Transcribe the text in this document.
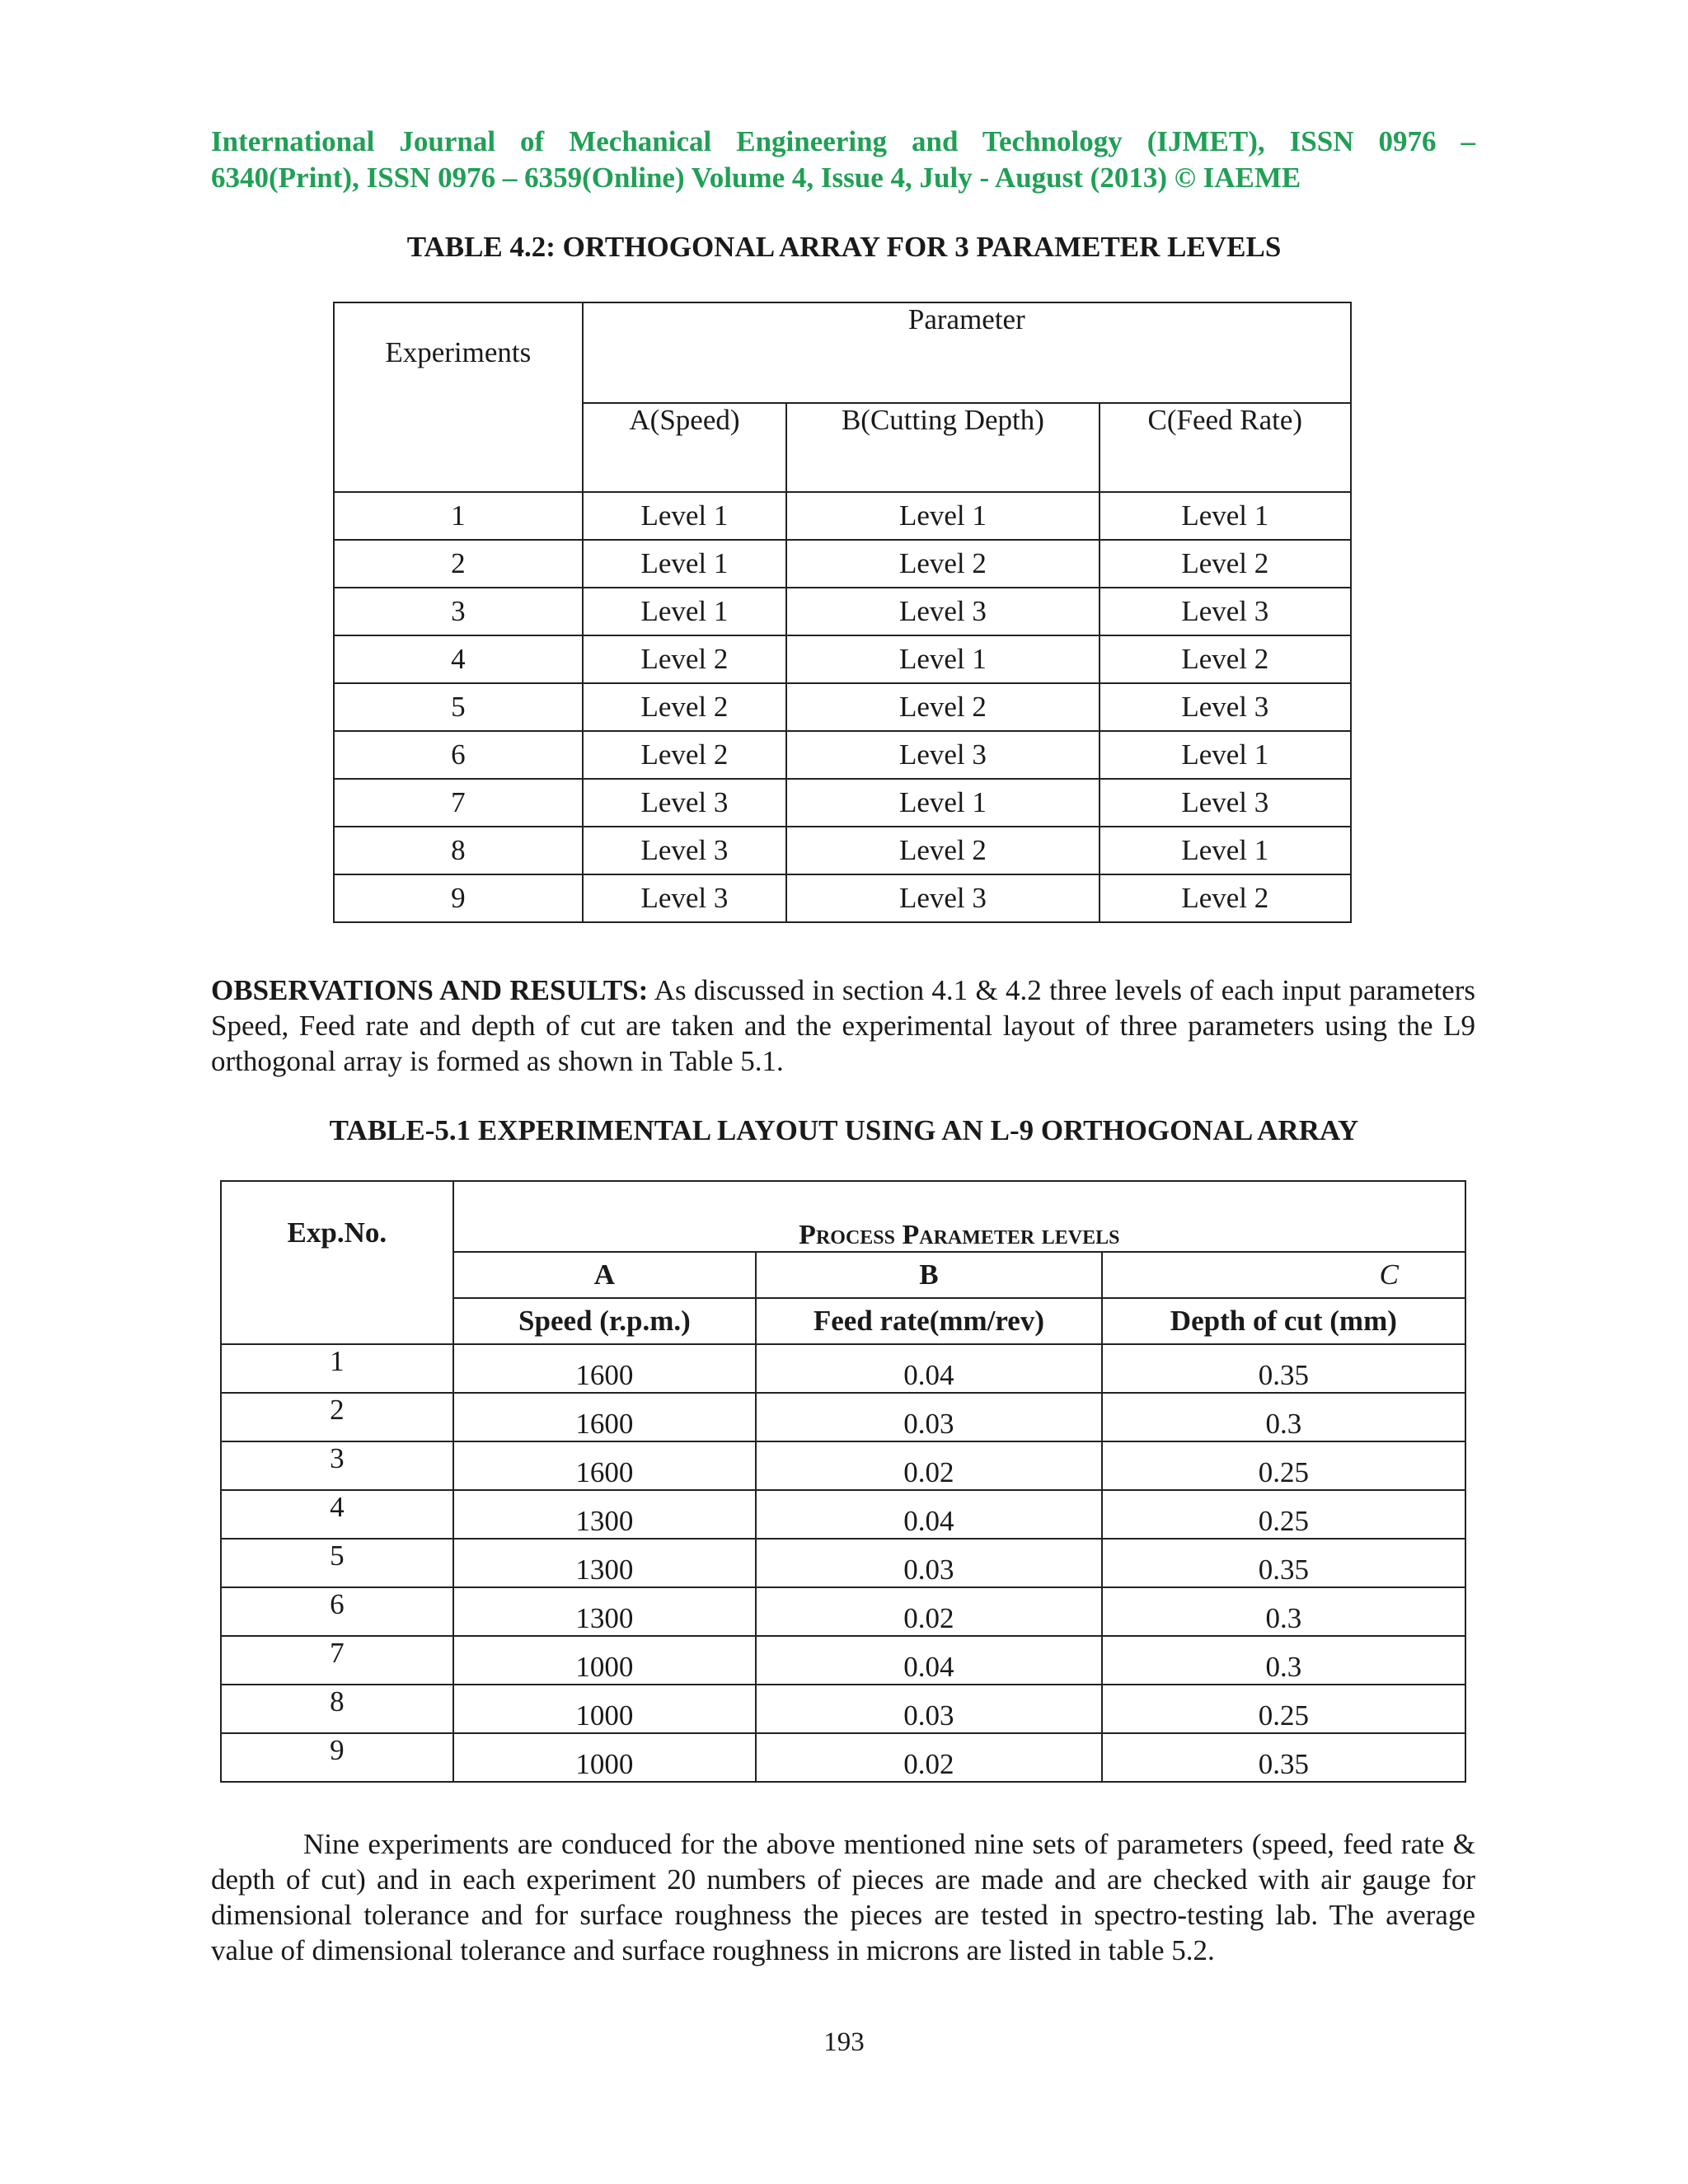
International Journal of Mechanical Engineering and Technology (IJMET), ISSN 0976 –
6340(Print), ISSN 0976 – 6359(Online) Volume 4, Issue 4, July - August (2013) © IAEME
TABLE 4.2: ORTHOGONAL ARRAY FOR 3 PARAMETER LEVELS
Experiments	Parameter		

	A(Speed)	B(Cutting Depth)	C(Feed Rate)

1	Level 1	Level 1	Level 1
2	Level 1	Level 2	Level 2
3	Level 1	Level 3	Level 3
4	Level 2	Level 1	Level 2
5	Level 2	Level 2	Level 3
6	Level 2	Level 3	Level 1
7	Level 3	Level 1	Level 3
8	Level 3	Level 2	Level 1
9	Level 3	Level 3	Level 2
OBSERVATIONS AND RESULTS: As discussed in section 4.1 & 4.2 three levels of each input parameters Speed, Feed rate and depth of cut are taken and the experimental layout of three parameters using the L9 orthogonal array is formed as shown in Table 5.1.
TABLE-5.1 EXPERIMENTAL LAYOUT USING AN L-9 ORTHOGONAL ARRAY
Exp.No.	Process Parameter levels		
	A	B	C
	Speed (r.p.m.)	Feed rate(mm/rev)	Depth of cut (mm)

1	1600	0.04	0.35

2	1600	0.03	0.3

3	1600	0.02	0.25

4	1300	0.04	0.25

5	1300	0.03	0.35

6	1300	0.02	0.3

7	1000	0.04	0.3

8	1000	0.03	0.25

9	1000	0.02	0.35
Nine experiments are conduced for the above mentioned nine sets of parameters (speed, feed rate & depth of cut) and in each experiment 20 numbers of pieces are made and are checked with air gauge for dimensional tolerance and for surface roughness the pieces are tested in spectro-testing lab. The average value of dimensional tolerance and surface roughness in microns are listed in table 5.2.
193
